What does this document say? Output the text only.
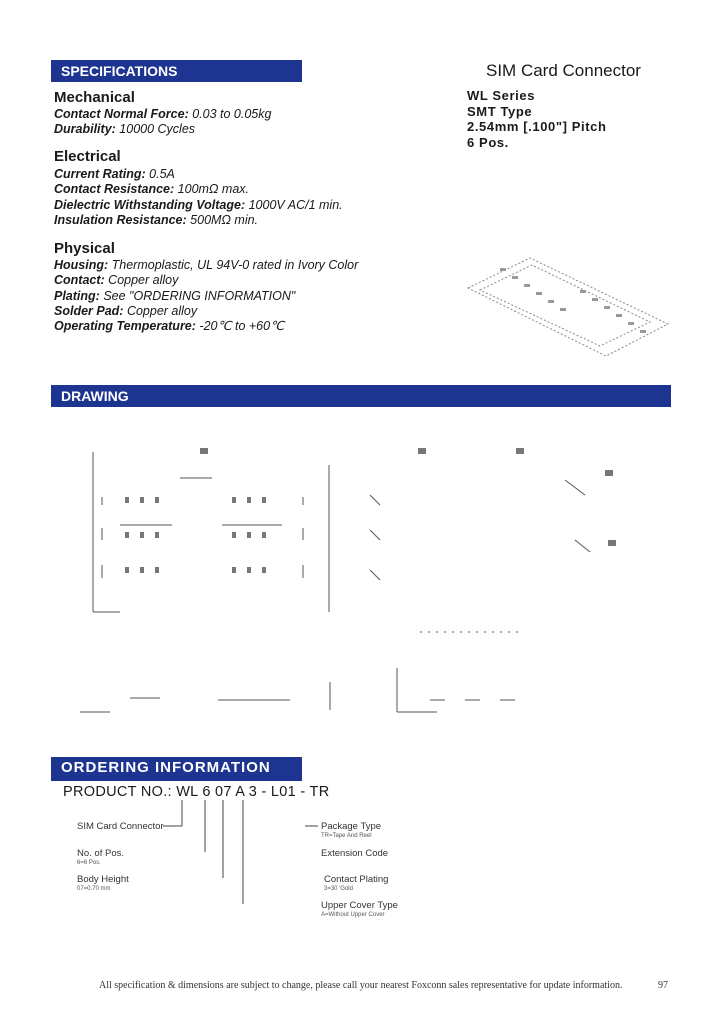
SPECIFICATIONS	SIM Card Connector
WL Series
SMT Type
2.54mm [.100"] Pitch
6 Pos.
Mechanical
Contact Normal Force: 0.03 to 0.05kg
Durability: 10000 Cycles
Electrical
Current Rating: 0.5A
Contact Resistance: 100mΩ max.
Dielectric Withstanding Voltage: 1000V AC/1 min.
Insulation Resistance: 500MΩ min.
Physical
Housing: Thermoplastic, UL 94V-0 rated in Ivory Color
Contact: Copper alloy
Plating: See "ORDERING INFORMATION"
Solder Pad: Copper alloy
Operating Temperature: -20℃ to +60℃
DRAWING
ORDERING INFORMATION
PRODUCT NO.: WL 6 07 A 3 - L01 - TR
SIM Card Connector
No. of Pos.
6=6 Pos.
Body Height
07=0.70 mm
Package Type
TR=Tape And Reel
Extension Code
Contact Plating
3=30 ′Gold
Upper Cover Type
A=Without Upper Cover
All specification & dimensions are subject to change, please call your nearest Foxconn sales representative for update information.	97
